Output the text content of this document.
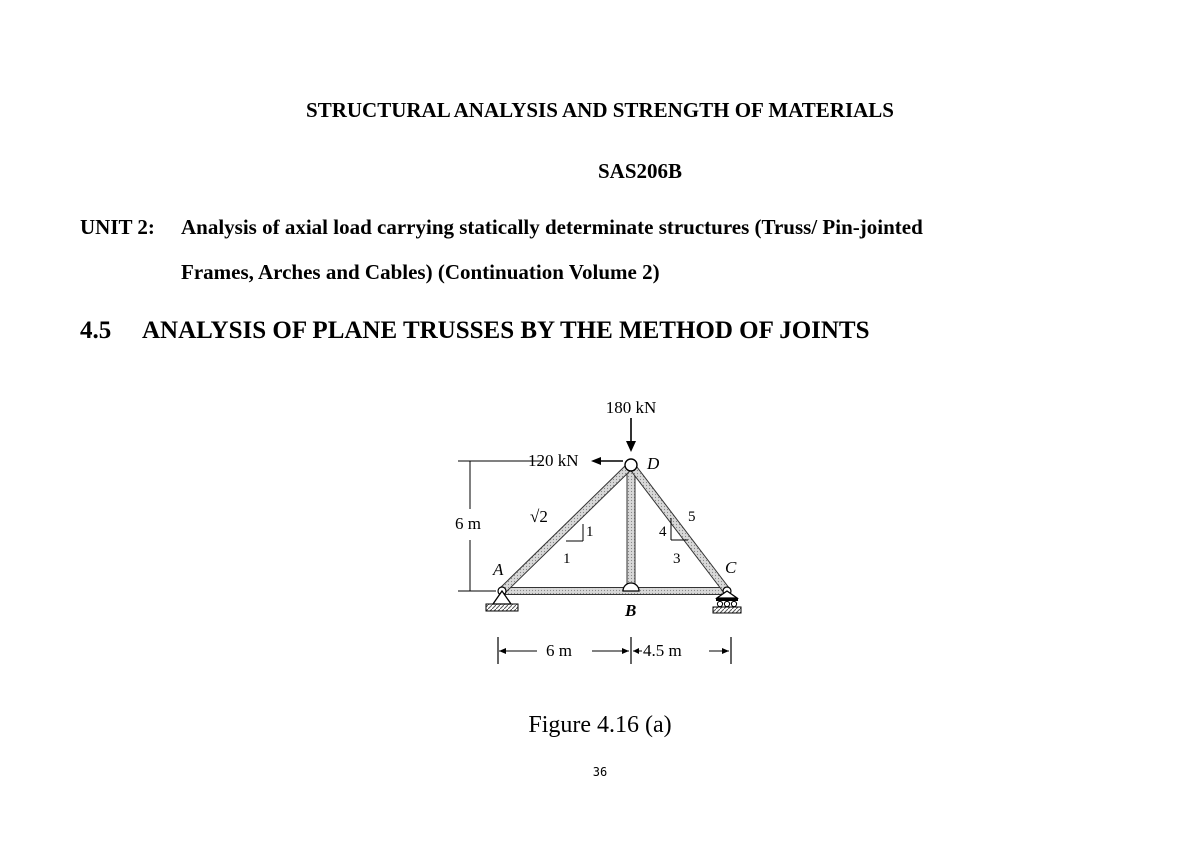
STRUCTURAL ANALYSIS AND STRENGTH OF MATERIALS
SAS206B
UNIT 2: Analysis of axial load carrying statically determinate structures (Truss/ Pin-jointed
Frames, Arches and Cables) (Continuation Volume 2)
4.5 ANALYSIS OF PLANE TRUSSES BY THE METHOD OF JOINTS
180 kN
120 kN
A
B
C
D
6 m	√2
1
1
4
3
5
6 m	4.5 m
Figure 4.16 (a)
36
